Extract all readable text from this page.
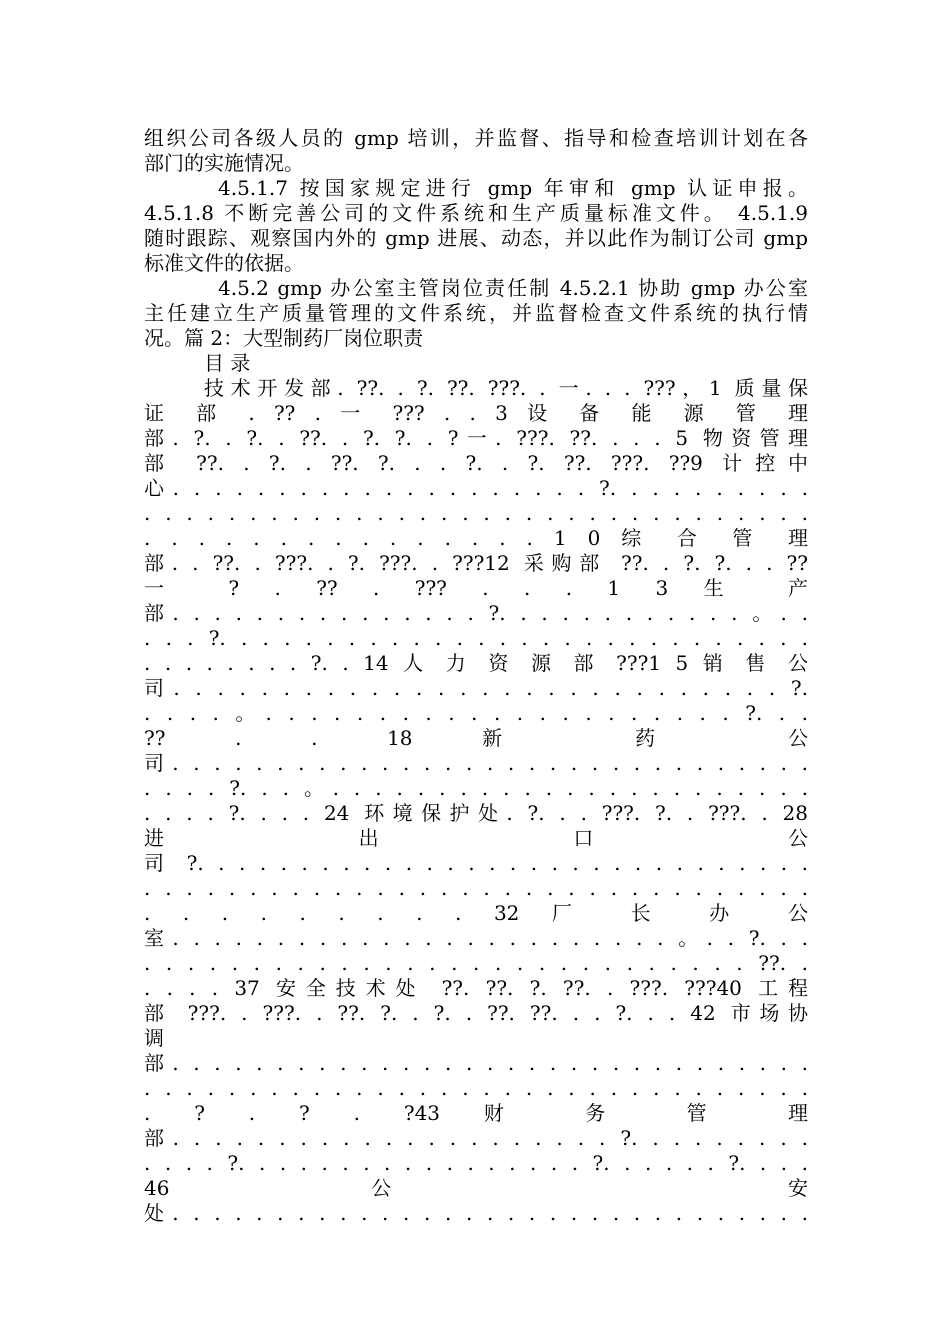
组织公司各级人员的 gmp 培训，并监督、指导和检查培训计划在各
部门的实施情况。
4.5.1.7 按国家规定进行 gmp 年审和 gmp 认证申报。
4.5.1.8 不断完善公司的文件系统和生产质量标准文件。 4.5.1.9
随时跟踪、观察国内外的 gmp 进展、动态，并以此作为制订公司 gmp
标准文件的依据。
4.5.2 gmp 办公室主管岗位责任制 4.5.2.1 协助 gmp 办公室
主任建立生产质量管理的文件系统，并监督检查文件系统的执行情
况。篇 2：大型制药厂岗位职责
目 录
技术开发部. ??. . ?. ??. ???. . 一. . . ???，1 质量保
证 部 . ?? . 一 ??? . . 3 设 备 能 源 管 理
部. ?. . ?. . ??. . ?. ?. . ?一. ???. ??. . . . 5 物资管理
部 ??. . ?. . ??. ?. . . ?. . ?. ??. ???. ??9 计控中
心. . . . . . . . . . . . . . . . . . . . ?. . . . . . . . . .
. . . . . . . . . . . . . . . . . . . . . . . . . . . . . . . .
. . . . . . . . . . . . . . . 1 0 综 合 管 理
部. . ??. . ???. . ?. ???. . ???12 采购部 ??. . ?. ?. . . ??
一 ? . ?? . ??? . . . 1 3 生 产
部. . . . . . . . . . . . . . . ?. . . . . . . . . . . . 。. .
. . . ?. . . . . . . . . . . . . . . . . . . . . . . . . . . .
. . . . . . . . ?. . 14 人 力 资 源 部 ???1 5 销 售 公
司. . . . . . . . . . . . . . . . . . . . . . . . . . . . ?.
. . . . 。. . . . . . . . . . . . . . . . . . . . . ?. . .
?? . . 18 新 药 公
司. . . . . . . . . . . . . . . . . . . . . . . . . . . . . . .
. . . . ?. . . 。. . . . . . . . . . . . . . . . . . . . . . .
. . . . ?. . . . 24 环境保护处. ?. . . ???. ?. . ???. . 28
进 出 口 公
司 ?. . . . . . . . . . . . . . . . . . . . . . . . . . . . . .
. . . . . . . . . . . . . . . . . . . . . . . . . . . . . . . .
. . . . . . . . . 32 厂 长 办 公
室. . . . . . . . . . . . . . . . . . . . . . . . 。. . ?. . .
. . . . . . . . . . . . . . . . . . . . . . . . . . . . ??. .
. . . . 37 安全技术处 ??. ??. ?. ??. . ???. ???40 工程
部 ???. . ???. . ??. ?. . ?. . ??. ??. . . ?. . . 42 市场协
调
部. . . . . . . . . . . . . . . . . . . . . . . . . . . . . . .
. . . . . . . . . . . . . . . . . . . . . . . . . . . . . . . .
. ? . ? . ?43 财 务 管 理
部. . . . . . . . . . . . . . . . . . . . . ?. . . . . . . . .
. . . . ?. . . . . . . . . . . . . . . . . ?. . . . . . ?. . . .
46 公 安
处. . . . . . . . . . . . . . . . . . . . . . . . . . . . . . .
